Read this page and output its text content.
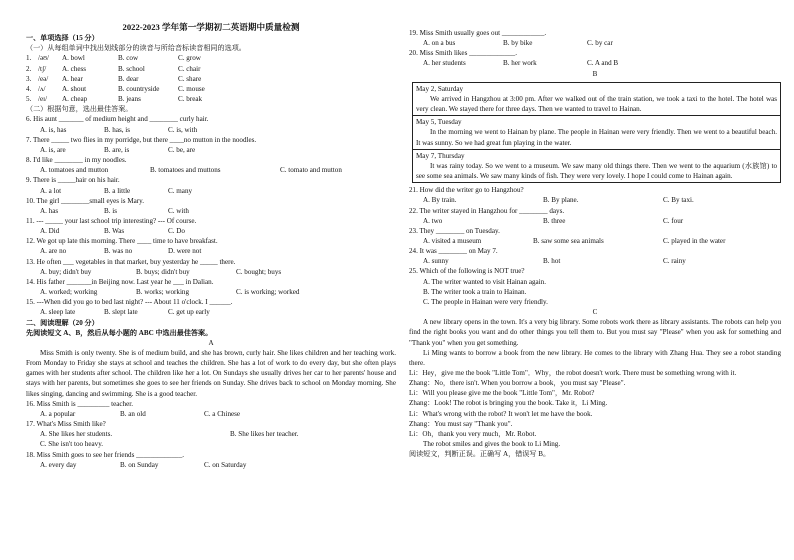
2022-2023 学年第一学期初二英语期中质量检测
一、单项选择（15 分）
（一）从每组单词中找出划线部分的读音与所给音标读音相同的选项。
1. /ǝʊ/	A. bowl	B. cow	C. grow
2. /tʃ/	A. chess	B. school	C. chair
3. /eǝ/	A. hear	B. dear	C. share
4. /ʌ/	A. shout	B. countryside	C. mouse
5. /eɪ/	A. cheap	B. jeans	C. break
（二）根据句意，选出最佳答案。
6. His aunt _______ of medium height and ________ curly hair.
A. is, has	B. has, is	C. is, with
7. There _____ two flies in my porridge, but there ____no mutton in the noodles.
A. is, are	B. are, is	C. be, are
8. I'd like ________ in my noodles.
A. tomatoes and mutton	B. tomatoes and muttons	C. tomato and mutton
9. There is _____hair on his hair.
A. a lot	B. a little	C. many
10. The girl ________small eyes is Mary.
A. has	B. is	C. with
11. --- _____ your last school trip interesting? --- Of course.
A. Did	B. Was	C. Do
12. We got up late this morning. There ____ time to have breakfast.
A. are no	B. was no	D. were not
13. He often ___ vegetables in that market, buy yesterday he _____ there.
A. buy; didn't buy	B. buys; didn't buy	C. bought; buys
14. His father _______in Beijing now. Last year he ___ in Dalian.
A. worked; working	B. works; working	C. is working; worked
15. ---When did you go to bed last night? --- About 11 o'clock. I ______.
A. sleep late	B. slept late	C. get up early
二、阅读理解（20 分）
先阅读短文 A、B，然后从每小题的 ABC 中选出最佳答案。
A
Miss Smith is only twenty. She is of medium build, and she has brown, curly hair. She likes children and her teaching work. From Monday to Friday she stays at school and teaches the children. She has a lot of work to do every day, but she often plays games with her students after school. The children like her a lot. On Sundays she usually drives her car to her parents' house and stays with her parents, but sometimes she goes to see her friends on Sunday. She drives back to school on Monday morning. She likes singing, dancing and swimming. She is a good teacher.
16. Miss Smith is _________ teacher.
A. a popular	B. an old	C. a Chinese
17. What's Miss Smith like?
A. She likes her students.	B. She likes her teacher.
C. She isn't too heavy.
18. Miss Smith goes to see her friends _____________.
A. every day	B. on Sunday	C. on Saturday
19. Miss Smith usually goes out ____________.
A. on a bus	B. by bike	C. by car
20. Miss Smith likes _____________.
A. her students	B. her work	C. A and B
B
May 2, Saturday
We arrived in Hangzhou at 3:00 pm. After we walked out of the train station, we took a taxi to the hotel. The hotel was very clean. We stayed there for three days. Then we wanted to travel to Hainan.
May 5, Tuesday
In the morning we went to Hainan by plane. The people in Hainan were very friendly. Then we went to a beautiful beach. It was sunny. So we had great fun playing in the water.
May 7, Thursday
It was rainy today. So we went to a museum. We saw many old things there. Then we went to the aquarium (水族馆) to see some sea animals. We saw many kinds of fish. They were very lovely. I hope I could come to Hainan again.
21. How did the writer go to Hangzhou?
A. By train.	B. By plane.	C. By taxi.
22. The writer stayed in Hangzhou for ________ days.
A. two	B. three	C. four
23. They ________ on Tuesday.
A. visited a museum	B. saw some sea animals	C. played in the water
24. It was ________ on May 7.
A. sunny	B. hot	C. rainy
25. Which of the following is NOT true?
A. The writer wanted to visit Hainan again.
B. The writer took a train to Hainan.
C. The people in Hainan were very friendly.
C
A new library opens in the town. It's a very big library. Some robots work there as library assistants. The robots can help you find the right books you want and do other things you tell them to. But you must say "Please" when you ask for something and "Thank you" when you get something.
Li Ming wants to borrow a book from the new library. He comes to the library with Zhang Hua. They see a robot standing there.
Li：Hey，give me the book "Little Tom"．Why，the robot doesn't work. There must be something wrong with it.
Zhang：No，there isn't. When you borrow a book，you must say "Please".
Li：Will you please give me the book "Little Tom"，Mr. Robot?
Zhang：Look! The robot is bringing you the book. Take it，Li Ming.
Li：What's wrong with the robot? It won't let me have the book.
Zhang：You must say "Thank you".
Li：Oh，thank you very much，Mr. Robot.
The robot smiles and gives the book to Li Ming.
阅读短文，判断正误。正确写 A，错误写 B。
